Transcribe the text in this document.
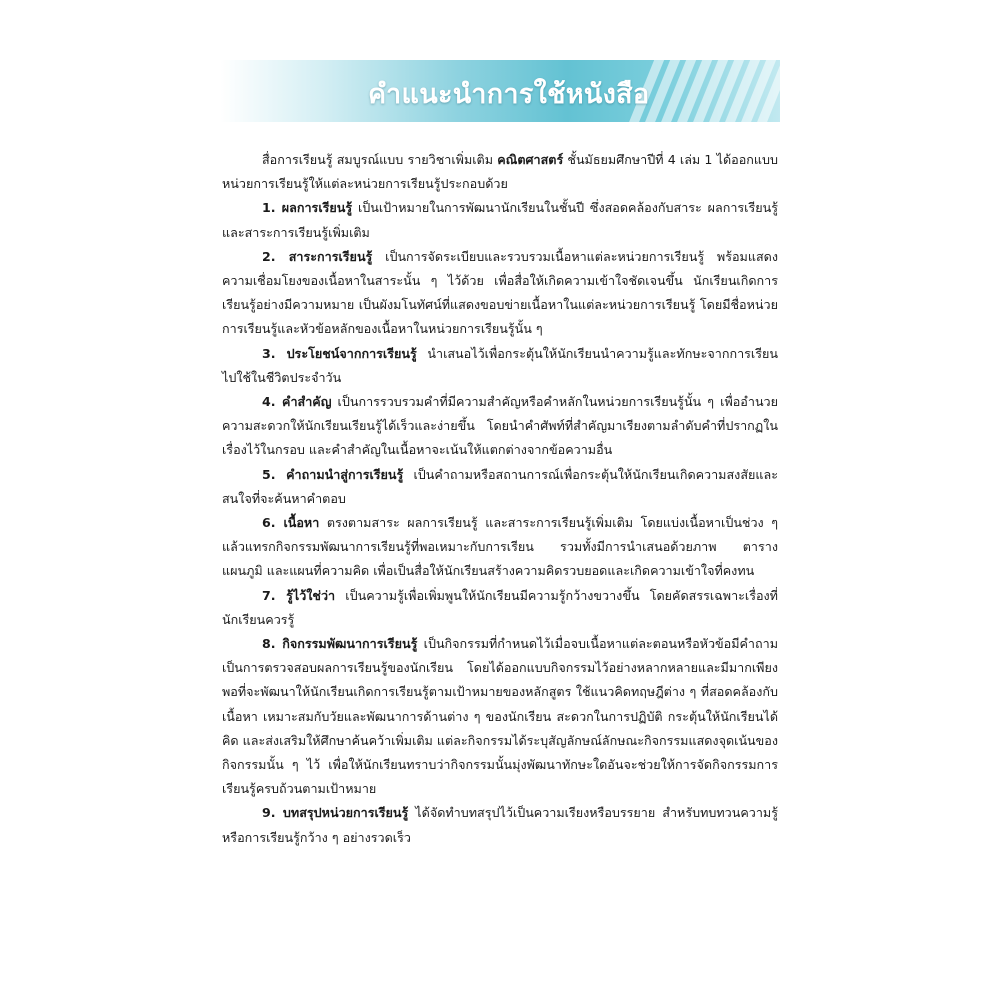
คำแนะนำการใช้หนังสือ

สื่อการเรียนรู้ สมบูรณ์แบบ รายวิชาเพิ่มเติม คณิตศาสตร์ ชั้นมัธยมศึกษาปีที่ 4 เล่ม 1 ได้ออกแบบหน่วยการเรียนรู้ให้แต่ละหน่วยการเรียนรู้ประกอบด้วย

1. ผลการเรียนรู้ เป็นเป้าหมายในการพัฒนานักเรียนในชั้นปี ซึ่งสอดคล้องกับสาระ ผลการเรียนรู้ และสาระการเรียนรู้เพิ่มเติม

2. สาระการเรียนรู้ เป็นการจัดระเบียบและรวบรวมเนื้อหาแต่ละหน่วยการเรียนรู้ พร้อมแสดงความเชื่อมโยงของเนื้อหาในสาระนั้น ๆ ไว้ด้วย เพื่อสื่อให้เกิดความเข้าใจชัดเจนขึ้น นักเรียนเกิดการเรียนรู้อย่างมีความหมาย เป็นผังมโนทัศน์ที่แสดงขอบข่ายเนื้อหาในแต่ละหน่วยการเรียนรู้ โดยมีชื่อหน่วยการเรียนรู้และหัวข้อหลักของเนื้อหาในหน่วยการเรียนรู้นั้น ๆ

3. ประโยชน์จากการเรียนรู้ นำเสนอไว้เพื่อกระตุ้นให้นักเรียนนำความรู้และทักษะจากการเรียนไปใช้ในชีวิตประจำวัน

4. คำสำคัญ เป็นการรวบรวมคำที่มีความสำคัญหรือคำหลักในหน่วยการเรียนรู้นั้น ๆ เพื่ออำนวยความสะดวกให้นักเรียนเรียนรู้ได้เร็วและง่ายขึ้น โดยนำคำศัพท์ที่สำคัญมาเรียงตามลำดับคำที่ปรากฏในเรื่องไว้ในกรอบ และคำสำคัญในเนื้อหาจะเน้นให้แตกต่างจากข้อความอื่น

5. คำถามนำสู่การเรียนรู้ เป็นคำถามหรือสถานการณ์เพื่อกระตุ้นให้นักเรียนเกิดความสงสัยและสนใจที่จะค้นหาคำตอบ

6. เนื้อหา ตรงตามสาระ ผลการเรียนรู้ และสาระการเรียนรู้เพิ่มเติม โดยแบ่งเนื้อหาเป็นช่วง ๆ แล้วแทรกกิจกรรมพัฒนาการเรียนรู้ที่พอเหมาะกับการเรียน รวมทั้งมีการนำเสนอด้วยภาพ ตาราง แผนภูมิ และแผนที่ความคิด เพื่อเป็นสื่อให้นักเรียนสร้างความคิดรวบยอดและเกิดความเข้าใจที่คงทน

7. รู้ไว้ใช่ว่า เป็นความรู้เพื่อเพิ่มพูนให้นักเรียนมีความรู้กว้างขวางขึ้น โดยคัดสรรเฉพาะเรื่องที่นักเรียนควรรู้

8. กิจกรรมพัฒนาการเรียนรู้ เป็นกิจกรรมที่กำหนดไว้เมื่อจบเนื้อหาแต่ละตอนหรือหัวข้อมีคำถามเป็นการตรวจสอบผลการเรียนรู้ของนักเรียน โดยได้ออกแบบกิจกรรมไว้อย่างหลากหลายและมีมากเพียงพอที่จะพัฒนาให้นักเรียนเกิดการเรียนรู้ตามเป้าหมายของหลักสูตร ใช้แนวคิดทฤษฎีต่าง ๆ ที่สอดคล้องกับเนื้อหา เหมาะสมกับวัยและพัฒนาการด้านต่าง ๆ ของนักเรียน สะดวกในการปฏิบัติ กระตุ้นให้นักเรียนได้คิด และส่งเสริมให้ศึกษาค้นคว้าเพิ่มเติม แต่ละกิจกรรมได้ระบุสัญลักษณ์ลักษณะกิจกรรมแสดงจุดเน้นของกิจกรรมนั้น ๆ ไว้ เพื่อให้นักเรียนทราบว่ากิจกรรมนั้นมุ่งพัฒนาทักษะใดอันจะช่วยให้การจัดกิจกรรมการเรียนรู้ครบถ้วนตามเป้าหมาย

9. บทสรุปหน่วยการเรียนรู้ ได้จัดทำบทสรุปไว้เป็นความเรียงหรือบรรยาย สำหรับทบทวนความรู้หรือการเรียนรู้กว้าง ๆ อย่างรวดเร็ว
